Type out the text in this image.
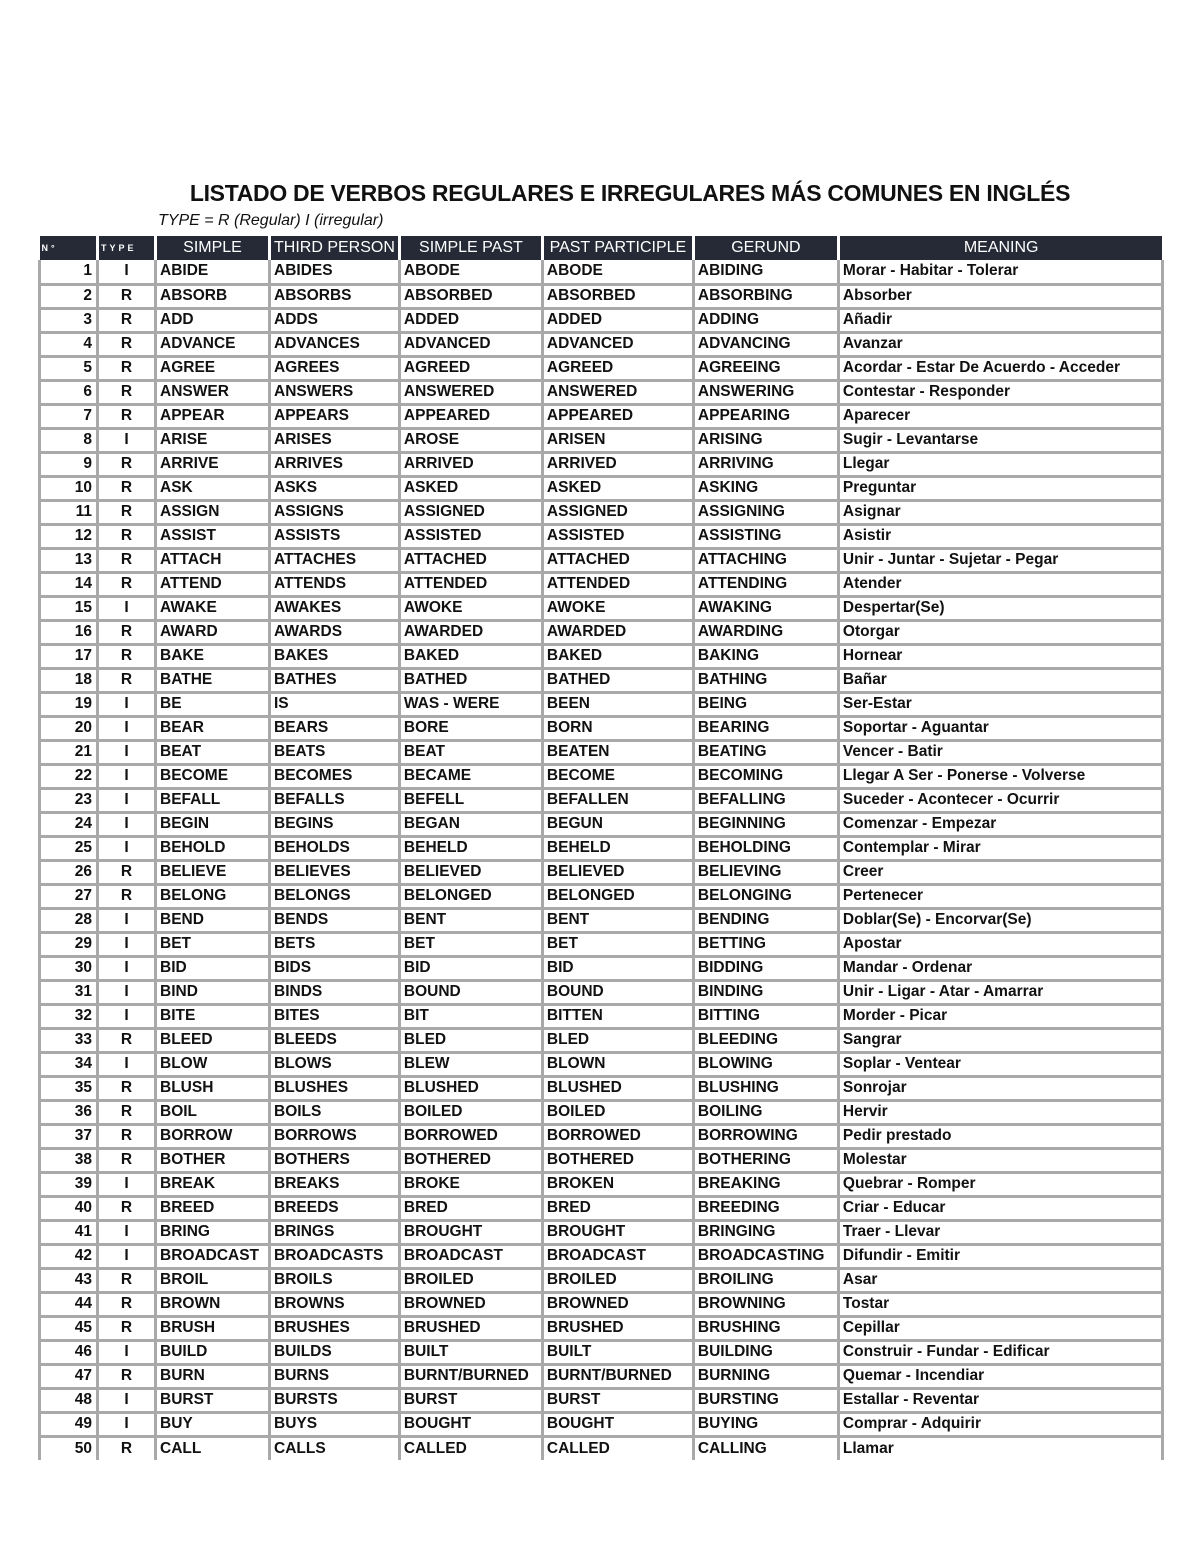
LISTADO DE VERBOS REGULARES E IRREGULARES MÁS COMUNES EN INGLÉS
TYPE = R (Regular) I (irregular)
N°	TYPE	SIMPLE	THIRD PERSON	SIMPLE PAST	PAST PARTICIPLE	GERUND	MEANING
1	I	ABIDE	ABIDES	ABODE	ABODE	ABIDING	Morar - Habitar - Tolerar
2	R	ABSORB	ABSORBS	ABSORBED	ABSORBED	ABSORBING	Absorber
3	R	ADD	ADDS	ADDED	ADDED	ADDING	Añadir
4	R	ADVANCE	ADVANCES	ADVANCED	ADVANCED	ADVANCING	Avanzar
5	R	AGREE	AGREES	AGREED	AGREED	AGREEING	Acordar - Estar De Acuerdo - Acceder
6	R	ANSWER	ANSWERS	ANSWERED	ANSWERED	ANSWERING	Contestar - Responder
7	R	APPEAR	APPEARS	APPEARED	APPEARED	APPEARING	Aparecer
8	I	ARISE	ARISES	AROSE	ARISEN	ARISING	Sugir - Levantarse
9	R	ARRIVE	ARRIVES	ARRIVED	ARRIVED	ARRIVING	Llegar
10	R	ASK	ASKS	ASKED	ASKED	ASKING	Preguntar
11	R	ASSIGN	ASSIGNS	ASSIGNED	ASSIGNED	ASSIGNING	Asignar
12	R	ASSIST	ASSISTS	ASSISTED	ASSISTED	ASSISTING	Asistir
13	R	ATTACH	ATTACHES	ATTACHED	ATTACHED	ATTACHING	Unir - Juntar - Sujetar - Pegar
14	R	ATTEND	ATTENDS	ATTENDED	ATTENDED	ATTENDING	Atender
15	I	AWAKE	AWAKES	AWOKE	AWOKE	AWAKING	Despertar(Se)
16	R	AWARD	AWARDS	AWARDED	AWARDED	AWARDING	Otorgar
17	R	BAKE	BAKES	BAKED	BAKED	BAKING	Hornear
18	R	BATHE	BATHES	BATHED	BATHED	BATHING	Bañar
19	I	BE	IS	WAS - WERE	BEEN	BEING	Ser-Estar
20	I	BEAR	BEARS	BORE	BORN	BEARING	Soportar - Aguantar
21	I	BEAT	BEATS	BEAT	BEATEN	BEATING	Vencer - Batir
22	I	BECOME	BECOMES	BECAME	BECOME	BECOMING	Llegar A Ser - Ponerse - Volverse
23	I	BEFALL	BEFALLS	BEFELL	BEFALLEN	BEFALLING	Suceder - Acontecer - Ocurrir
24	I	BEGIN	BEGINS	BEGAN	BEGUN	BEGINNING	Comenzar - Empezar
25	I	BEHOLD	BEHOLDS	BEHELD	BEHELD	BEHOLDING	Contemplar - Mirar
26	R	BELIEVE	BELIEVES	BELIEVED	BELIEVED	BELIEVING	Creer
27	R	BELONG	BELONGS	BELONGED	BELONGED	BELONGING	Pertenecer
28	I	BEND	BENDS	BENT	BENT	BENDING	Doblar(Se) - Encorvar(Se)
29	I	BET	BETS	BET	BET	BETTING	Apostar
30	I	BID	BIDS	BID	BID	BIDDING	Mandar - Ordenar
31	I	BIND	BINDS	BOUND	BOUND	BINDING	Unir - Ligar - Atar - Amarrar
32	I	BITE	BITES	BIT	BITTEN	BITTING	Morder - Picar
33	R	BLEED	BLEEDS	BLED	BLED	BLEEDING	Sangrar
34	I	BLOW	BLOWS	BLEW	BLOWN	BLOWING	Soplar - Ventear
35	R	BLUSH	BLUSHES	BLUSHED	BLUSHED	BLUSHING	Sonrojar
36	R	BOIL	BOILS	BOILED	BOILED	BOILING	Hervir
37	R	BORROW	BORROWS	BORROWED	BORROWED	BORROWING	Pedir prestado
38	R	BOTHER	BOTHERS	BOTHERED	BOTHERED	BOTHERING	Molestar
39	I	BREAK	BREAKS	BROKE	BROKEN	BREAKING	Quebrar - Romper
40	R	BREED	BREEDS	BRED	BRED	BREEDING	Criar - Educar
41	I	BRING	BRINGS	BROUGHT	BROUGHT	BRINGING	Traer - Llevar
42	I	BROADCAST	BROADCASTS	BROADCAST	BROADCAST	BROADCASTING	Difundir - Emitir
43	R	BROIL	BROILS	BROILED	BROILED	BROILING	Asar
44	R	BROWN	BROWNS	BROWNED	BROWNED	BROWNING	Tostar
45	R	BRUSH	BRUSHES	BRUSHED	BRUSHED	BRUSHING	Cepillar
46	I	BUILD	BUILDS	BUILT	BUILT	BUILDING	Construir - Fundar - Edificar
47	R	BURN	BURNS	BURNT/BURNED	BURNT/BURNED	BURNING	Quemar - Incendiar
48	I	BURST	BURSTS	BURST	BURST	BURSTING	Estallar - Reventar
49	I	BUY	BUYS	BOUGHT	BOUGHT	BUYING	Comprar - Adquirir
50	R	CALL	CALLS	CALLED	CALLED	CALLING	Llamar
